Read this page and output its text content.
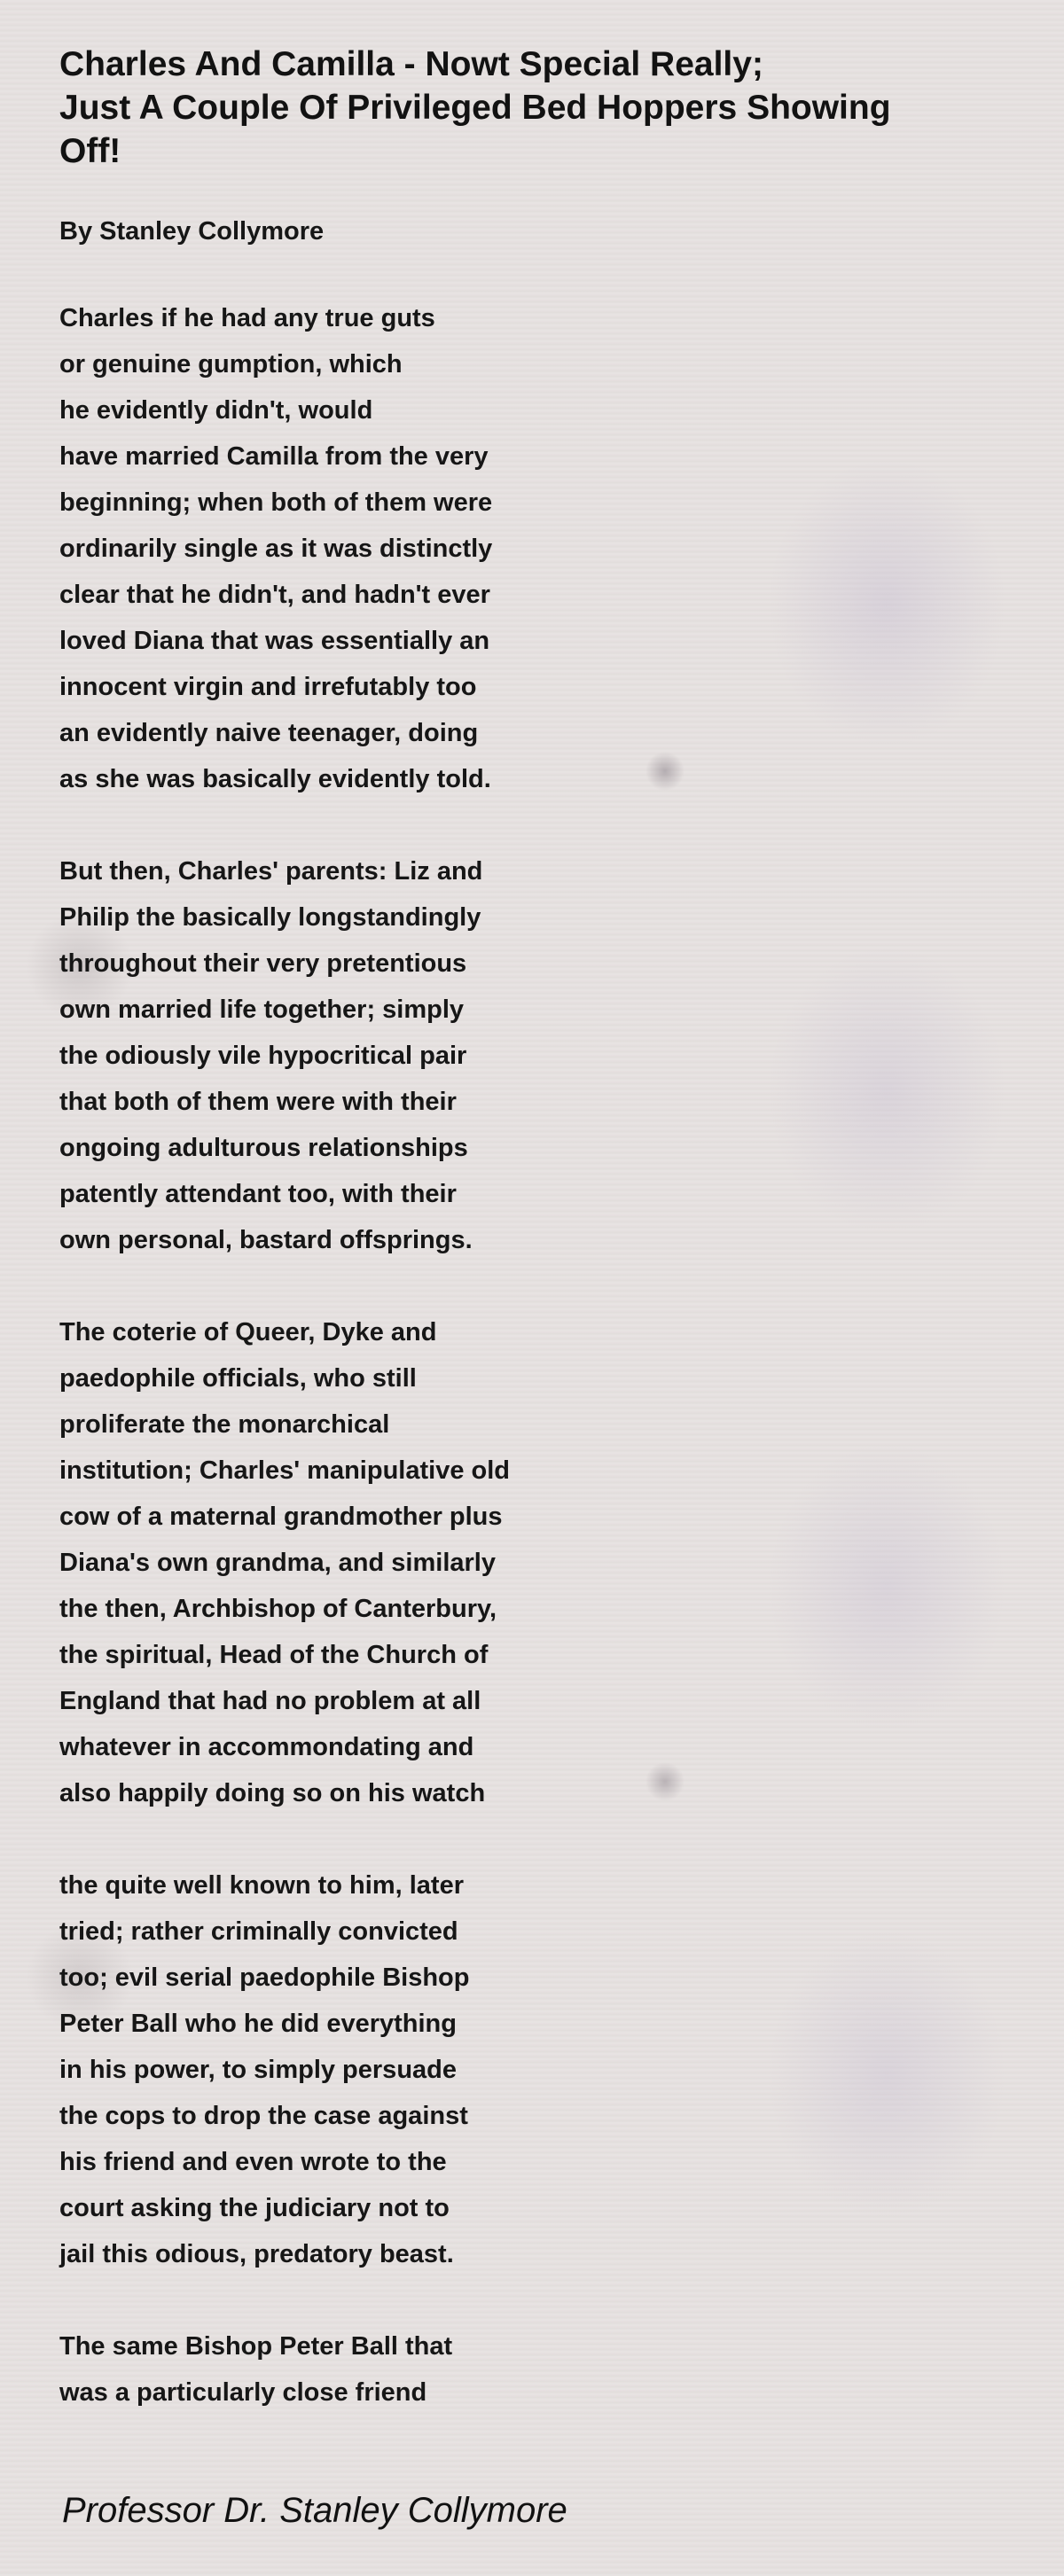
Charles And Camilla - Nowt Special Really;
Just A Couple Of Privileged Bed Hoppers Showing
Off!
By Stanley Collymore
Charles if he had any true guts
or genuine gumption, which
he evidently didn't, would
have married Camilla from the very
beginning; when both of them were
ordinarily single as it was distinctly
clear that he didn't, and hadn't ever
loved Diana that was essentially an
innocent virgin and irrefutably too
an evidently naive teenager, doing
as she was basically evidently told.
But then, Charles' parents: Liz and
Philip the basically longstandingly
throughout their very pretentious
own married life together; simply
the odiously vile hypocritical pair
that both of them were with their
ongoing adulturous relationships
patently attendant too, with their
own personal, bastard offsprings.
The coterie of Queer, Dyke and
paedophile officials, who still
proliferate the monarchical
institution; Charles' manipulative old
cow of a maternal grandmother plus
Diana's own grandma, and similarly
the then, Archbishop of Canterbury,
the spiritual, Head of the Church of
England that had no problem at all
whatever in accommondating and
also happily doing so on his watch
the quite well known to him, later
tried; rather criminally convicted
too; evil serial paedophile Bishop
Peter Ball who he did everything
in his power, to simply persuade
the cops to drop the case against
his friend and even wrote to the
court asking the judiciary not to
jail this odious, predatory beast.
The same Bishop Peter Ball that
was a particularly close friend
Professor Dr. Stanley Collymore
